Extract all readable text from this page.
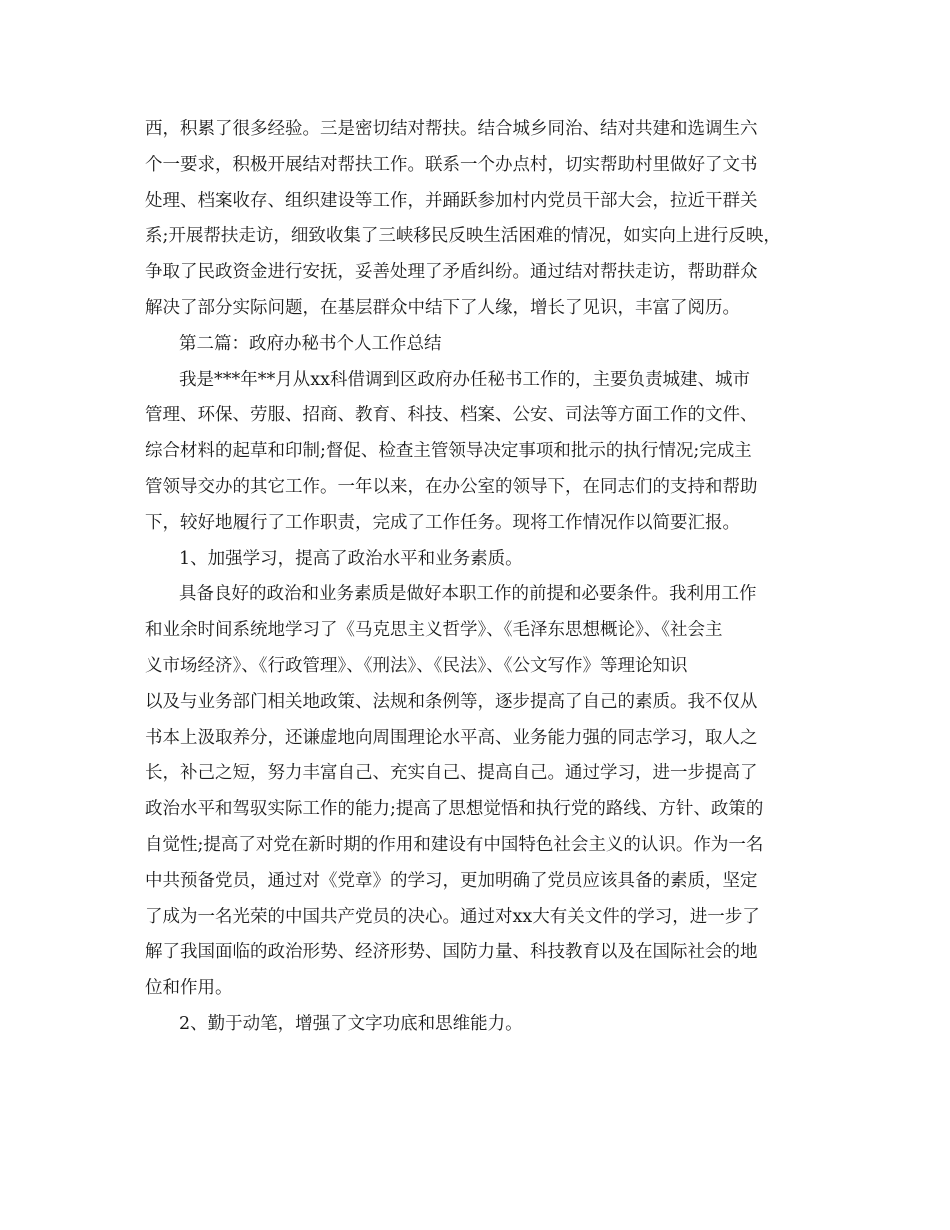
西，积累了很多经验。三是密切结对帮扶。结合城乡同治、结对共建和选调生六
个一要求，积极开展结对帮扶工作。联系一个办点村，切实帮助村里做好了文书
处理、档案收存、组织建设等工作，并踊跃参加村内党员干部大会，拉近干群关
系;开展帮扶走访，细致收集了三峡移民反映生活困难的情况，如实向上进行反映，
争取了民政资金进行安抚，妥善处理了矛盾纠纷。通过结对帮扶走访，帮助群众
解决了部分实际问题，在基层群众中结下了人缘，增长了见识，丰富了阅历。
第二篇：政府办秘书个人工作总结
我是***年**月从xx科借调到区政府办任秘书工作的，主要负责城建、城市
管理、环保、劳服、招商、教育、科技、档案、公安、司法等方面工作的文件、
综合材料的起草和印制;督促、检查主管领导决定事项和批示的执行情况;完成主
管领导交办的其它工作。一年以来，在办公室的领导下，在同志们的支持和帮助
下，较好地履行了工作职责，完成了工作任务。现将工作情况作以简要汇报。
1、加强学习，提高了政治水平和业务素质。
具备良好的政治和业务素质是做好本职工作的前提和必要条件。我利用工作
和业余时间系统地学习了《马克思主义哲学》、《毛泽东思想概论》、《社会主
义市场经济》、《行政管理》、《刑法》、《民法》、《公文写作》等理论知识
以及与业务部门相关地政策、法规和条例等，逐步提高了自己的素质。我不仅从
书本上汲取养分，还谦虚地向周围理论水平高、业务能力强的同志学习，取人之
长，补己之短，努力丰富自己、充实自己、提高自己。通过学习，进一步提高了
政治水平和驾驭实际工作的能力;提高了思想觉悟和执行党的路线、方针、政策的
自觉性;提高了对党在新时期的作用和建设有中国特色社会主义的认识。作为一名
中共预备党员，通过对《党章》的学习，更加明确了党员应该具备的素质，坚定
了成为一名光荣的中国共产党员的决心。通过对xx大有关文件的学习，进一步了
解了我国面临的政治形势、经济形势、国防力量、科技教育以及在国际社会的地
位和作用。
2、勤于动笔，增强了文字功底和思维能力。
